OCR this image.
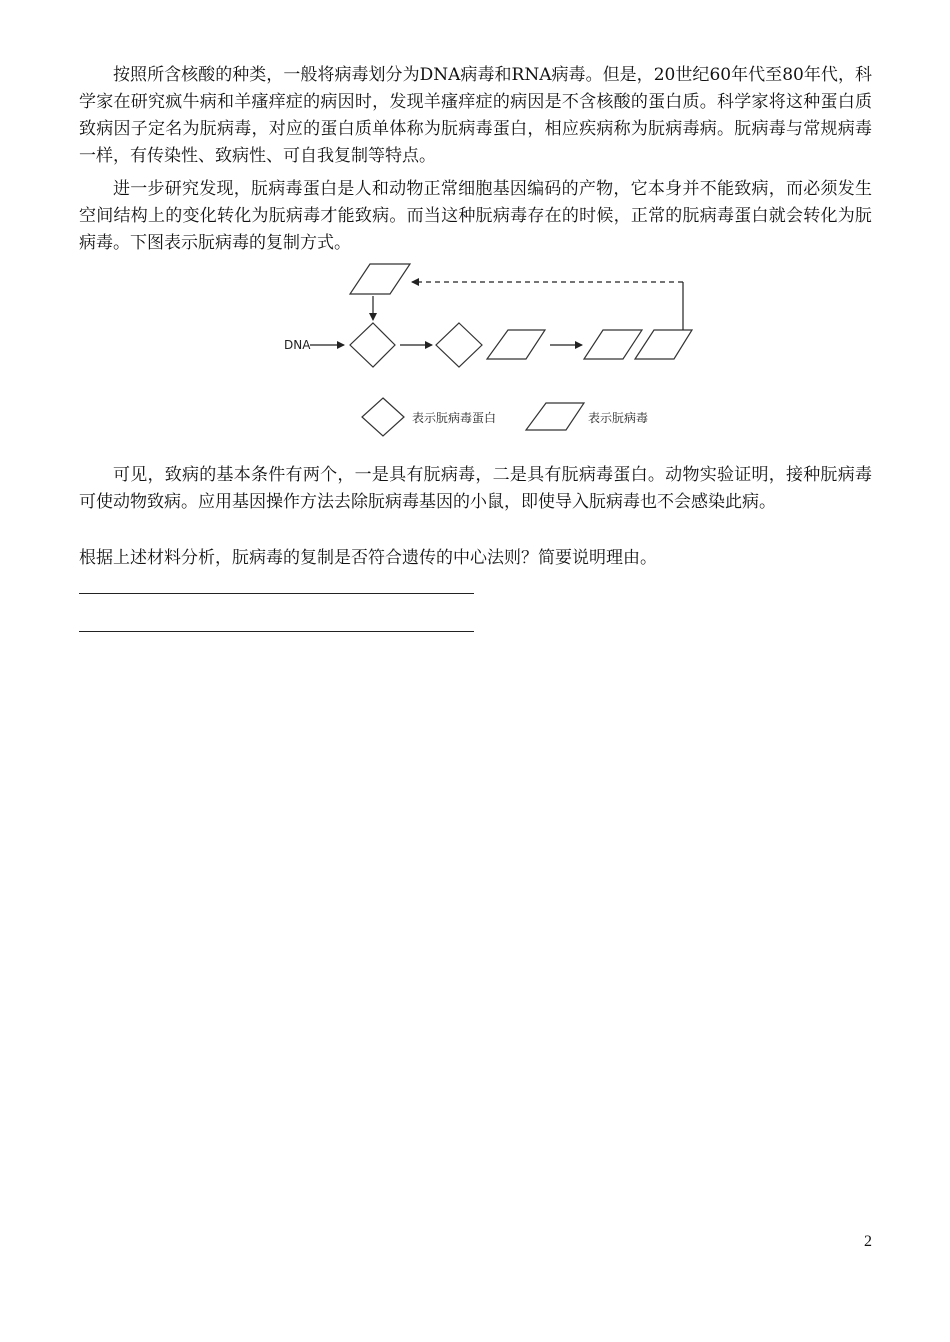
按照所含核酸的种类，一般将病毒划分为DNA病毒和RNA病毒。但是，20世纪60年代至80年代，科学家在研究疯牛病和羊瘙痒症的病因时，发现羊瘙痒症的病因是不含核酸的蛋白质。科学家将这种蛋白质致病因子定名为朊病毒，对应的蛋白质单体称为朊病毒蛋白，相应疾病称为朊病毒病。朊病毒与常规病毒一样，有传染性、致病性、可自我复制等特点。

进一步研究发现，朊病毒蛋白是人和动物正常细胞基因编码的产物，它本身并不能致病，而必须发生空间结构上的变化转化为朊病毒才能致病。而当这种朊病毒存在的时候，正常的朊病毒蛋白就会转化为朊病毒。下图表示朊病毒的复制方式。

DNA
表示朊病毒蛋白	表示朊病毒

可见，致病的基本条件有两个，一是具有朊病毒，二是具有朊病毒蛋白。动物实验证明，接种朊病毒可使动物致病。应用基因操作方法去除朊病毒基因的小鼠，即使导入朊病毒也不会感染此病。

根据上述材料分析，朊病毒的复制是否符合遗传的中心法则？简要说明理由。

2
